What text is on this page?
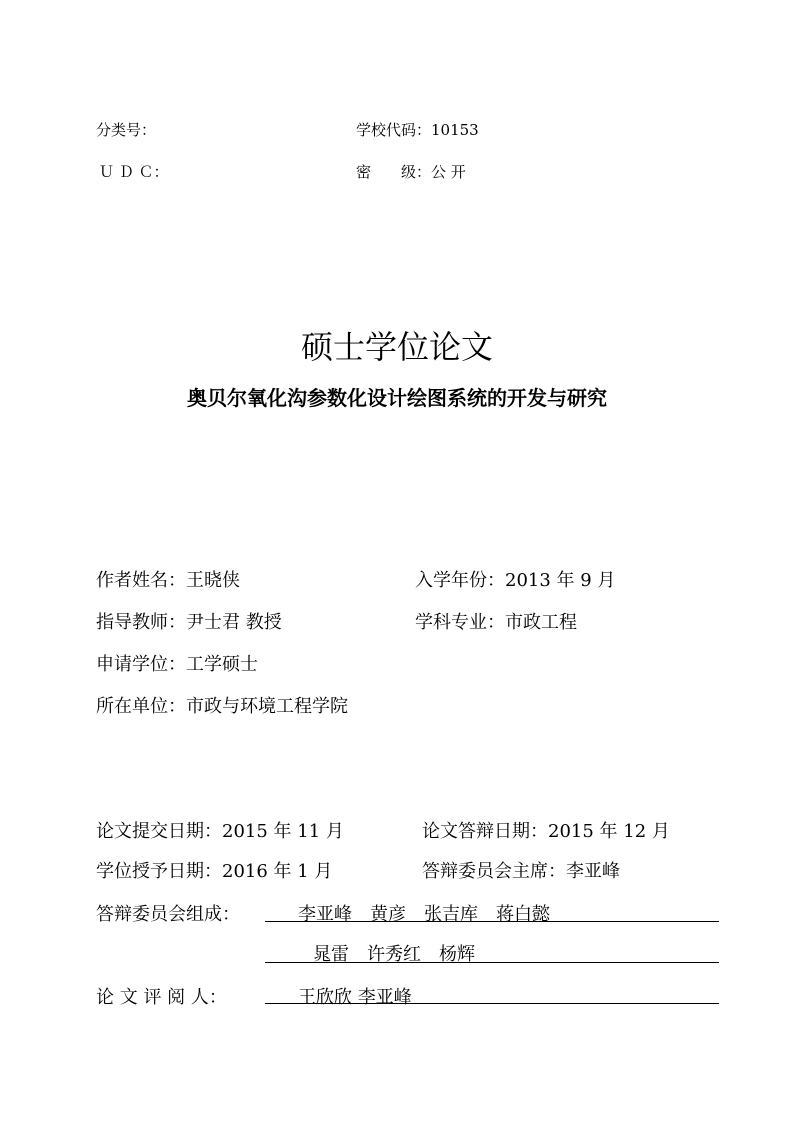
分类号：	学校代码：10153
Ｕ Ｄ Ｃ：	密　　级：公 开
硕士学位论文
奥贝尔氧化沟参数化设计绘图系统的开发与研究
作者姓名：王晓侠	入学年份：2013 年 9 月
指导教师：尹士君 教授	学科专业：市政工程
申请学位：工学硕士
所在单位：市政与环境工程学院
论文提交日期：2015 年 11 月	论文答辩日期：2015 年 12 月
学位授予日期：2016 年 1 月	答辩委员会主席：李亚峰
答辩委员会组成：	李亚峰　黄彦　张吉库　蒋白懿
晁雷　许秀红　杨辉
论 文 评 阅 人：	王欣欣 李亚峰
